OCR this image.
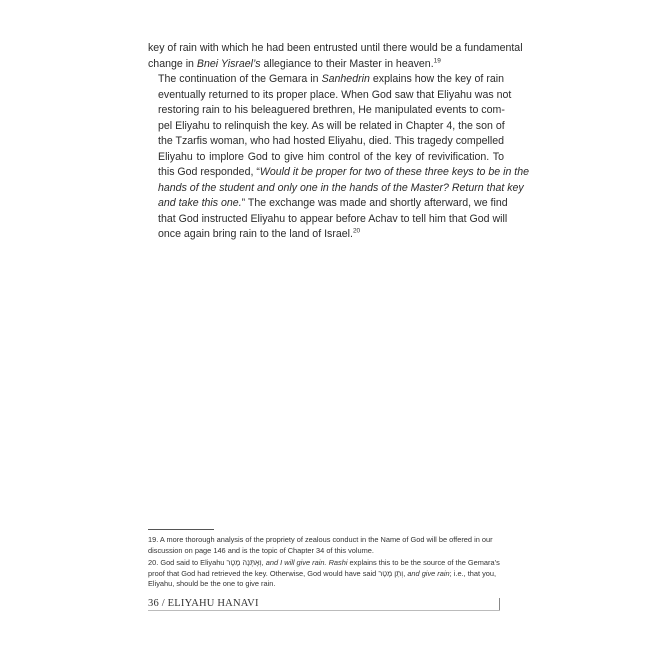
key of rain with which he had been entrusted until there would be a fundamental
change in Bnei Yisrael’s allegiance to their Master in heaven.$^{19}$

The continuation of the Gemara in Sanhedrin explains how the key of rain
eventually returned to its proper place. When God saw that Eliyahu was not
restoring rain to his beleaguered brethren, He manipulated events to com-
pel Eliyahu to relinquish the key. As will be related in Chapter 4, the son of
the Tzarfis woman, who had hosted Eliyahu, died. This tragedy compelled
Eliyahu to implore God to give him control of the key of revivification. To
this God responded, “Would it be proper for two of these three keys to be in the
hands of the student and only one in the hands of the Master? Return that key
and take this one.” The exchange was made and shortly afterward, we find
that God instructed Eliyahu to appear before Achav to tell him that God will
once again bring rain to the land of Israel.$^{20}$

19. A more thorough analysis of the propriety of zealous conduct in the Name of God will be offered in our discussion on page 146 and is the topic of Chapter 34 of this volume.

20. God said to Eliyahu וְאֶתְּנָה מָטָר, and I will give rain. Rashi explains this to be the source of the Gemara’s proof that God had retrieved the key. Otherwise, God would have said וְתֵן מָטָר, and give rain; i.e., that you, Eliyahu, should be the one to give rain.

36 / ELIYAHU HANAVI
